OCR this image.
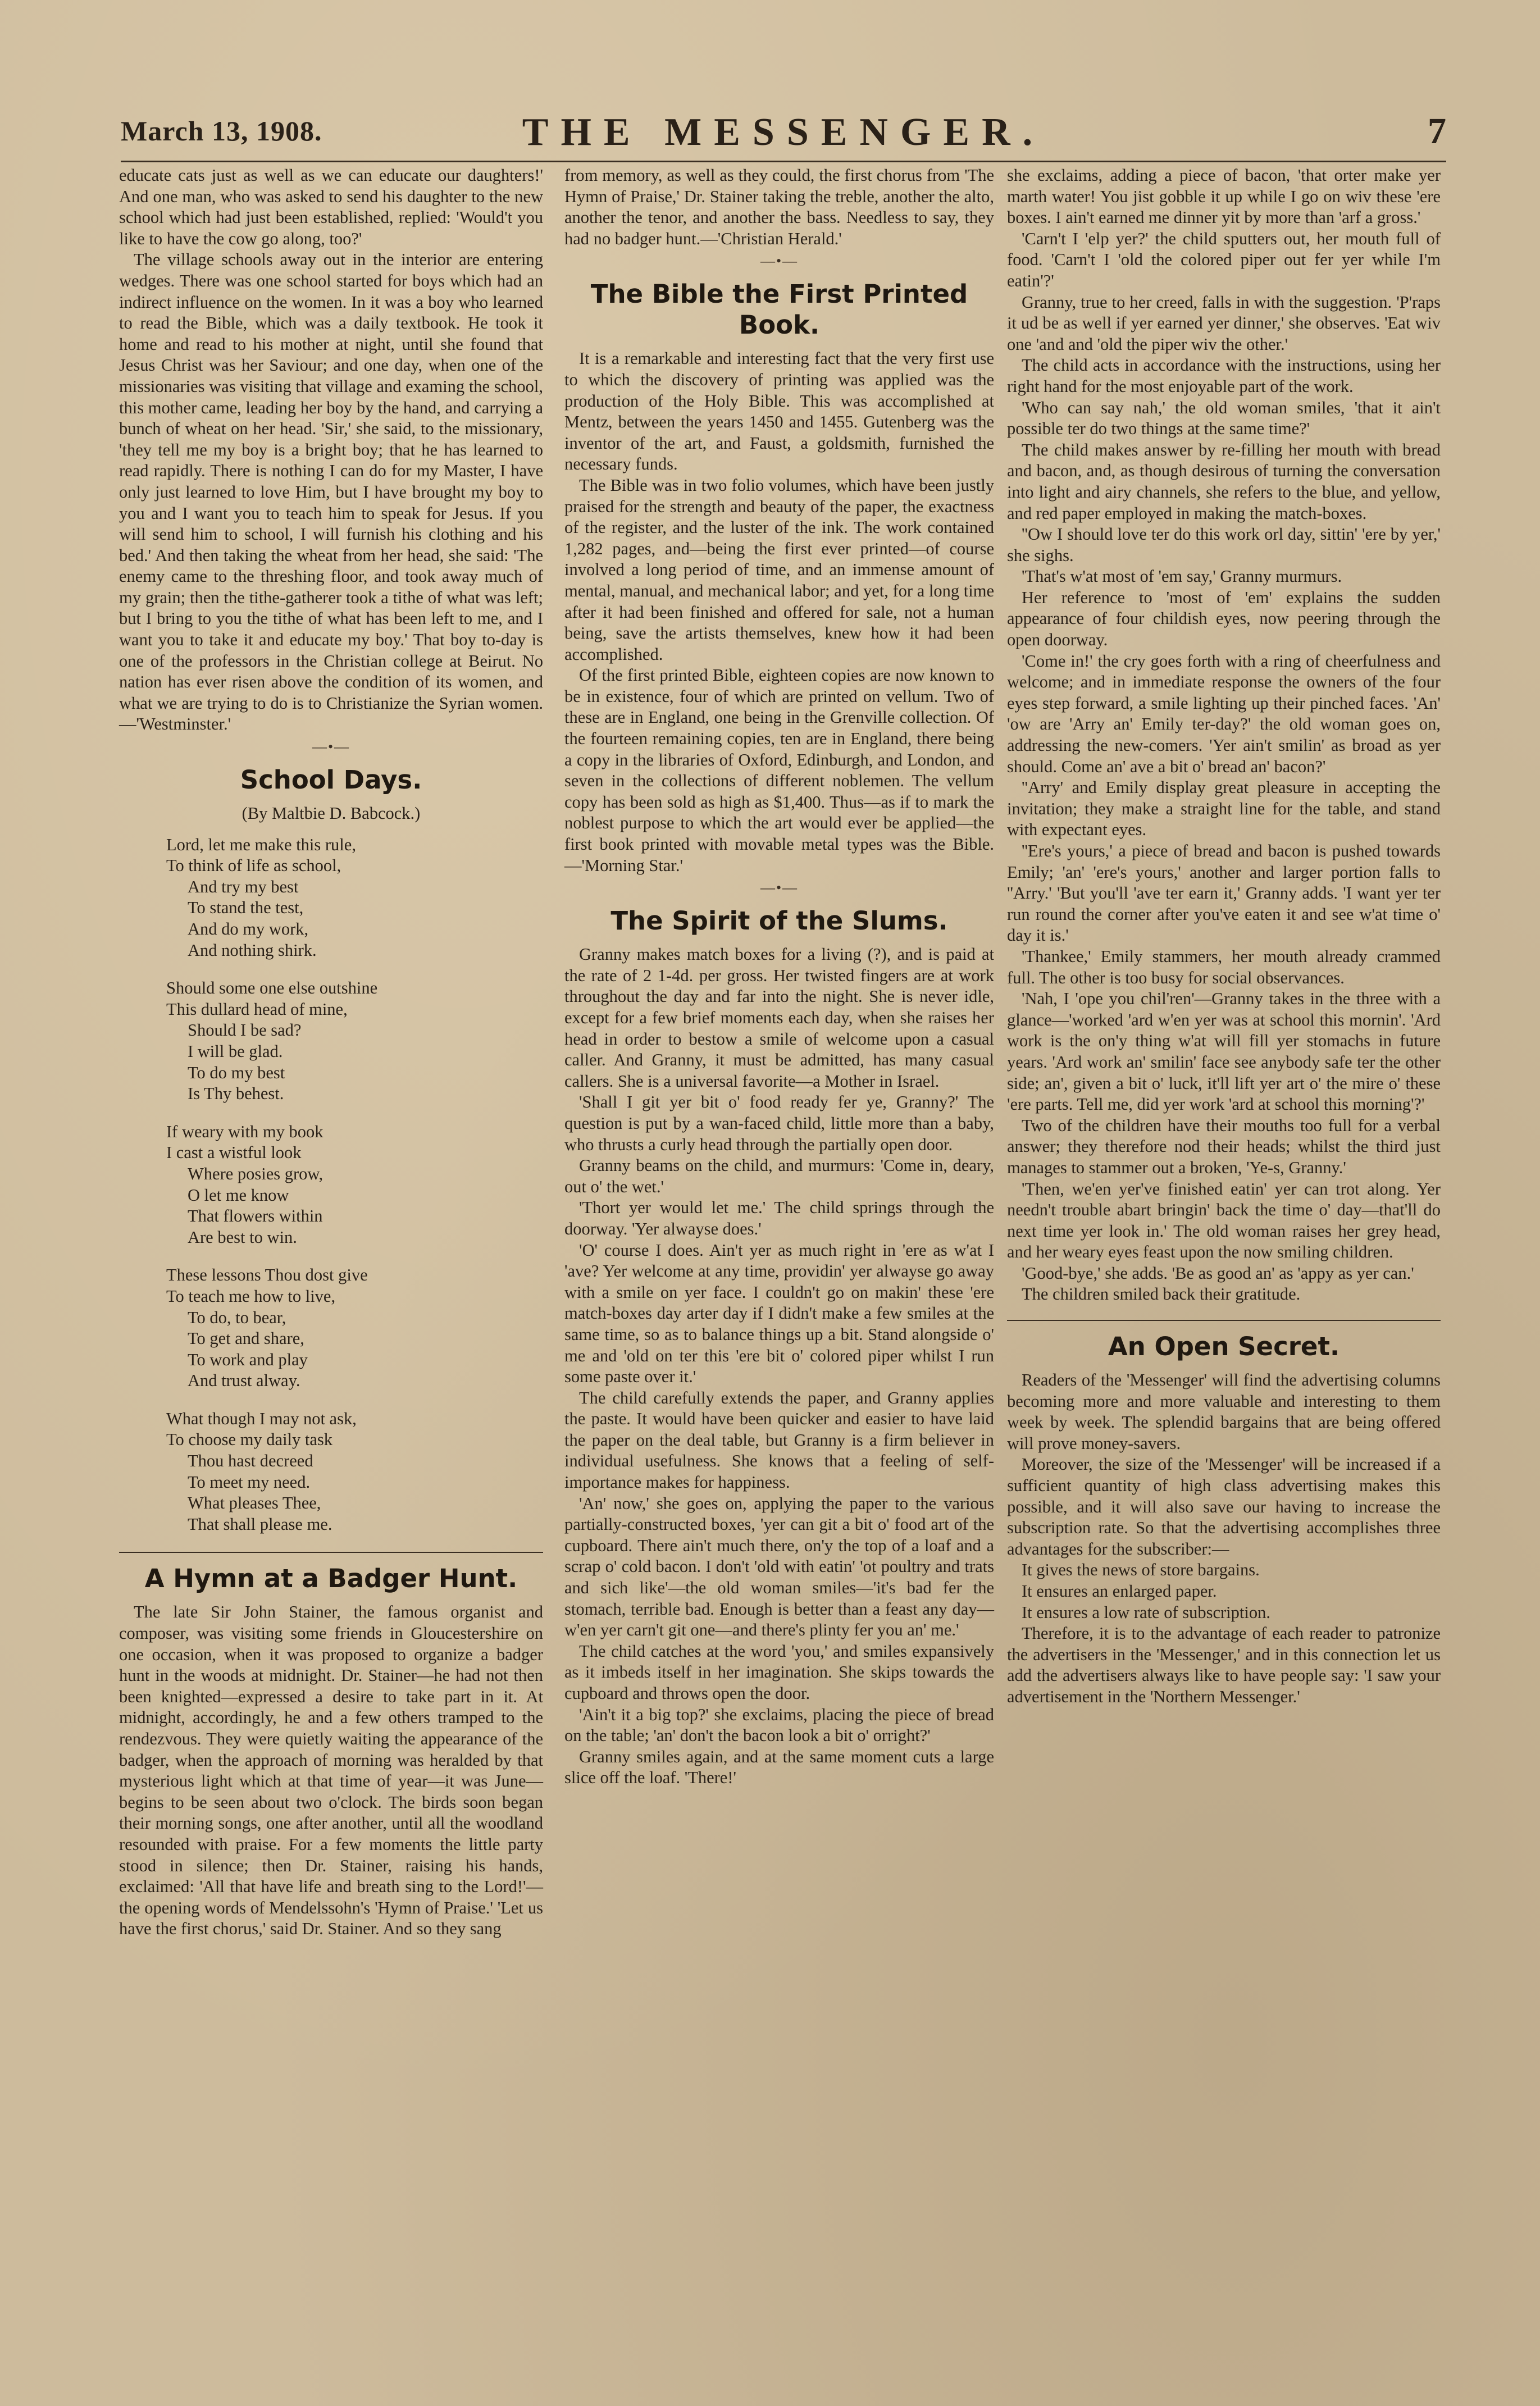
March 13, 1908.	THE MESSENGER.	7

educate cats just as well as we can educate our daughters!' And one man, who was asked to send his daughter to the new school which had just been established, replied: 'Would't you like to have the cow go along, too?'

The village schools away out in the interior are entering wedges. There was one school started for boys which had an indirect influence on the women. In it was a boy who learned to read the Bible, which was a daily textbook. He took it home and read to his mother at night, until she found that Jesus Christ was her Saviour; and one day, when one of the missionaries was visiting that village and examing the school, this mother came, leading her boy by the hand, and carrying a bunch of wheat on her head. 'Sir,' she said, to the missionary, 'they tell me my boy is a bright boy; that he has learned to read rapidly. There is nothing I can do for my Master, I have only just learned to love Him, but I have brought my boy to you and I want you to teach him to speak for Jesus. If you will send him to school, I will furnish his clothing and his bed.' And then taking the wheat from her head, she said: 'The enemy came to the threshing floor, and took away much of my grain; then the tithe-gatherer took a tithe of what was left; but I bring to you the tithe of what has been left to me, and I want you to take it and educate my boy.' That boy to-day is one of the professors in the Christian college at Beirut. No nation has ever risen above the condition of its women, and what we are trying to do is to Christianize the Syrian women.—'Westminster.'

—•—
School Days.
(By Maltbie D. Babcock.)
Lord, let me make this rule,
To think of life as school,
And try my best
To stand the test,
And do my work,
And nothing shirk.
Should some one else outshine
This dullard head of mine,
Should I be sad?
I will be glad.
To do my best
Is Thy behest.
If weary with my book
I cast a wistful look
Where posies grow,
O let me know
That flowers within
Are best to win.
These lessons Thou dost give
To teach me how to live,
To do, to bear,
To get and share,
To work and play
And trust alway.
What though I may not ask,
To choose my daily task
Thou hast decreed
To meet my need.
What pleases Thee,
That shall please me.
A Hymn at a Badger Hunt.

The late Sir John Stainer, the famous organist and composer, was visiting some friends in Gloucestershire on one occasion, when it was proposed to organize a badger hunt in the woods at midnight. Dr. Stainer—he had not then been knighted—expressed a desire to take part in it. At midnight, accordingly, he and a few others tramped to the rendezvous. They were quietly waiting the appearance of the badger, when the approach of morning was heralded by that mysterious light which at that time of year—it was June—begins to be seen about two o'clock. The birds soon began their morning songs, one after another, until all the woodland resounded with praise. For a few moments the little party stood in silence; then Dr. Stainer, raising his hands, exclaimed: 'All that have life and breath sing to the Lord!'—the opening words of Mendelssohn's 'Hymn of Praise.' 'Let us have the first chorus,' said Dr. Stainer. And so they sang

from memory, as well as they could, the first chorus from 'The Hymn of Praise,' Dr. Stainer taking the treble, another the alto, another the tenor, and another the bass. Needless to say, they had no badger hunt.—'Christian Herald.'

—•—
The Bible the First Printed Book.

It is a remarkable and interesting fact that the very first use to which the discovery of printing was applied was the production of the Holy Bible. This was accomplished at Mentz, between the years 1450 and 1455. Gutenberg was the inventor of the art, and Faust, a goldsmith, furnished the necessary funds.

The Bible was in two folio volumes, which have been justly praised for the strength and beauty of the paper, the exactness of the register, and the luster of the ink. The work contained 1,282 pages, and—being the first ever printed—of course involved a long period of time, and an immense amount of mental, manual, and mechanical labor; and yet, for a long time after it had been finished and offered for sale, not a human being, save the artists themselves, knew how it had been accomplished.

Of the first printed Bible, eighteen copies are now known to be in existence, four of which are printed on vellum. Two of these are in England, one being in the Grenville collection. Of the fourteen remaining copies, ten are in England, there being a copy in the libraries of Oxford, Edinburgh, and London, and seven in the collections of different noblemen. The vellum copy has been sold as high as $1,400. Thus—as if to mark the noblest purpose to which the art would ever be applied—the first book printed with movable metal types was the Bible.—'Morning Star.'

—•—
The Spirit of the Slums.

Granny makes match boxes for a living (?), and is paid at the rate of 2 1-4d. per gross. Her twisted fingers are at work throughout the day and far into the night. She is never idle, except for a few brief moments each day, when she raises her head in order to bestow a smile of welcome upon a casual caller. And Granny, it must be admitted, has many casual callers. She is a universal favorite—a Mother in Israel.

'Shall I git yer bit o' food ready fer ye, Granny?' The question is put by a wan-faced child, little more than a baby, who thrusts a curly head through the partially open door.

Granny beams on the child, and murmurs: 'Come in, deary, out o' the wet.'

'Thort yer would let me.' The child springs through the doorway. 'Yer alwayse does.'

'O' course I does. Ain't yer as much right in 'ere as w'at I 'ave? Yer welcome at any time, providin' yer alwayse go away with a smile on yer face. I couldn't go on makin' these 'ere match-boxes day arter day if I didn't make a few smiles at the same time, so as to balance things up a bit. Stand alongside o' me and 'old on ter this 'ere bit o' colored piper whilst I run some paste over it.'

The child carefully extends the paper, and Granny applies the paste. It would have been quicker and easier to have laid the paper on the deal table, but Granny is a firm believer in individual usefulness. She knows that a feeling of self-importance makes for happiness.

'An' now,' she goes on, applying the paper to the various partially-constructed boxes, 'yer can git a bit o' food art of the cupboard. There ain't much there, on'y the top of a loaf and a scrap o' cold bacon. I don't 'old with eatin' 'ot poultry and trats and sich like'—the old woman smiles—'it's bad fer the stomach, terrible bad. Enough is better than a feast any day—w'en yer carn't git one—and there's plinty fer you an' me.'

The child catches at the word 'you,' and smiles expansively as it imbeds itself in her imagination. She skips towards the cupboard and throws open the door.

'Ain't it a big top?' she exclaims, placing the piece of bread on the table; 'an' don't the bacon look a bit o' orright?'

Granny smiles again, and at the same moment cuts a large slice off the loaf. 'There!'

she exclaims, adding a piece of bacon, 'that orter make yer marth water! You jist gobble it up while I go on wiv these 'ere boxes. I ain't earned me dinner yit by more than 'arf a gross.'

'Carn't I 'elp yer?' the child sputters out, her mouth full of food. 'Carn't I 'old the colored piper out fer yer while I'm eatin'?'

Granny, true to her creed, falls in with the suggestion. 'P'raps it ud be as well if yer earned yer dinner,' she observes. 'Eat wiv one 'and and 'old the piper wiv the other.'

The child acts in accordance with the instructions, using her right hand for the most enjoyable part of the work.

'Who can say nah,' the old woman smiles, 'that it ain't possible ter do two things at the same time?'

The child makes answer by re-filling her mouth with bread and bacon, and, as though desirous of turning the conversation into light and airy channels, she refers to the blue, and yellow, and red paper employed in making the match-boxes.

''Ow I should love ter do this work orl day, sittin' 'ere by yer,' she sighs.

'That's w'at most of 'em say,' Granny murmurs.

Her reference to 'most of 'em' explains the sudden appearance of four childish eyes, now peering through the open doorway.

'Come in!' the cry goes forth with a ring of cheerfulness and welcome; and in immediate response the owners of the four eyes step forward, a smile lighting up their pinched faces. 'An' 'ow are 'Arry an' Emily ter-day?' the old woman goes on, addressing the new-comers. 'Yer ain't smilin' as broad as yer should. Come an' ave a bit o' bread an' bacon?'

''Arry' and Emily display great pleasure in accepting the invitation; they make a straight line for the table, and stand with expectant eyes.

''Ere's yours,' a piece of bread and bacon is pushed towards Emily; 'an' 'ere's yours,' another and larger portion falls to ''Arry.' 'But you'll 'ave ter earn it,' Granny adds. 'I want yer ter run round the corner after you've eaten it and see w'at time o' day it is.'

'Thankee,' Emily stammers, her mouth already crammed full. The other is too busy for social observances.

'Nah, I 'ope you chil'ren'—Granny takes in the three with a glance—'worked 'ard w'en yer was at school this mornin'. 'Ard work is the on'y thing w'at will fill yer stomachs in future years. 'Ard work an' smilin' face see anybody safe ter the other side; an', given a bit o' luck, it'll lift yer art o' the mire o' these 'ere parts. Tell me, did yer work 'ard at school this morning'?'

Two of the children have their mouths too full for a verbal answer; they therefore nod their heads; whilst the third just manages to stammer out a broken, 'Ye-s, Granny.'

'Then, we'en yer've finished eatin' yer can trot along. Yer needn't trouble abart bringin' back the time o' day—that'll do next time yer look in.' The old woman raises her grey head, and her weary eyes feast upon the now smiling children.

'Good-bye,' she adds. 'Be as good an' as 'appy as yer can.'

The children smiled back their gratitude.

An Open Secret.

Readers of the 'Messenger' will find the advertising columns becoming more and more valuable and interesting to them week by week. The splendid bargains that are being offered will prove money-savers.

Moreover, the size of the 'Messenger' will be increased if a sufficient quantity of high class advertising makes this possible, and it will also save our having to increase the subscription rate. So that the advertising accomplishes three advantages for the subscriber:—

It gives the news of store bargains.

It ensures an enlarged paper.

It ensures a low rate of subscription.

Therefore, it is to the advantage of each reader to patronize the advertisers in the 'Messenger,' and in this connection let us add the advertisers always like to have people say: 'I saw your advertisement in the 'Northern Messenger.'
